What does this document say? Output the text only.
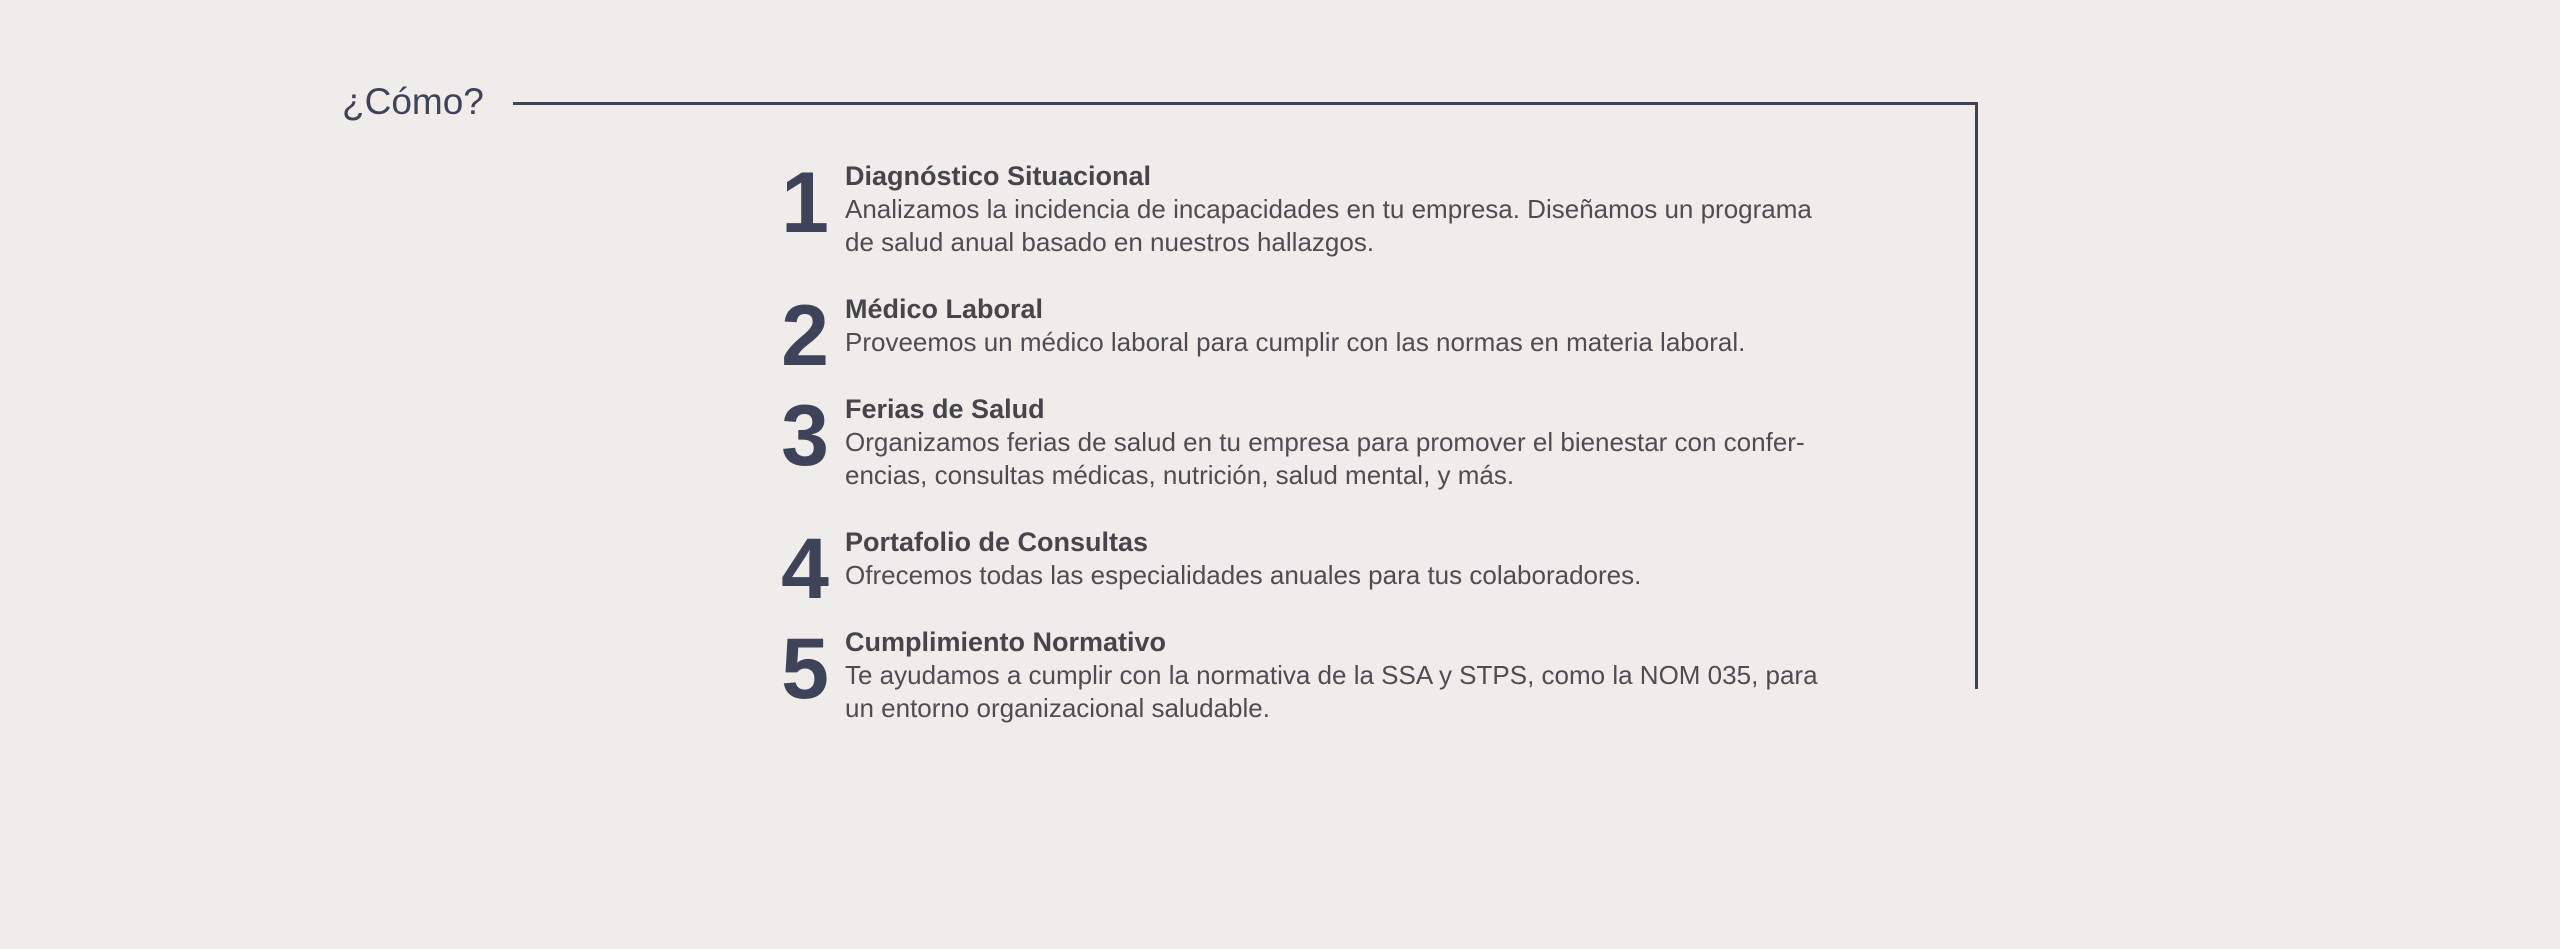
¿Cómo?
1 Diagnóstico Situacional
Analizamos la incidencia de incapacidades en tu empresa. Diseñamos un programa
de salud anual basado en nuestros hallazgos.
2 Médico Laboral
Proveemos un médico laboral para cumplir con las normas en materia laboral.
3 Ferias de Salud
Organizamos ferias de salud en tu empresa para promover el bienestar con confer-
encias, consultas médicas, nutrición, salud mental, y más.
4 Portafolio de Consultas
Ofrecemos todas las especialidades anuales para tus colaboradores.
5 Cumplimiento Normativo
Te ayudamos a cumplir con la normativa de la SSA y STPS, como la NOM 035, para
un entorno organizacional saludable.
